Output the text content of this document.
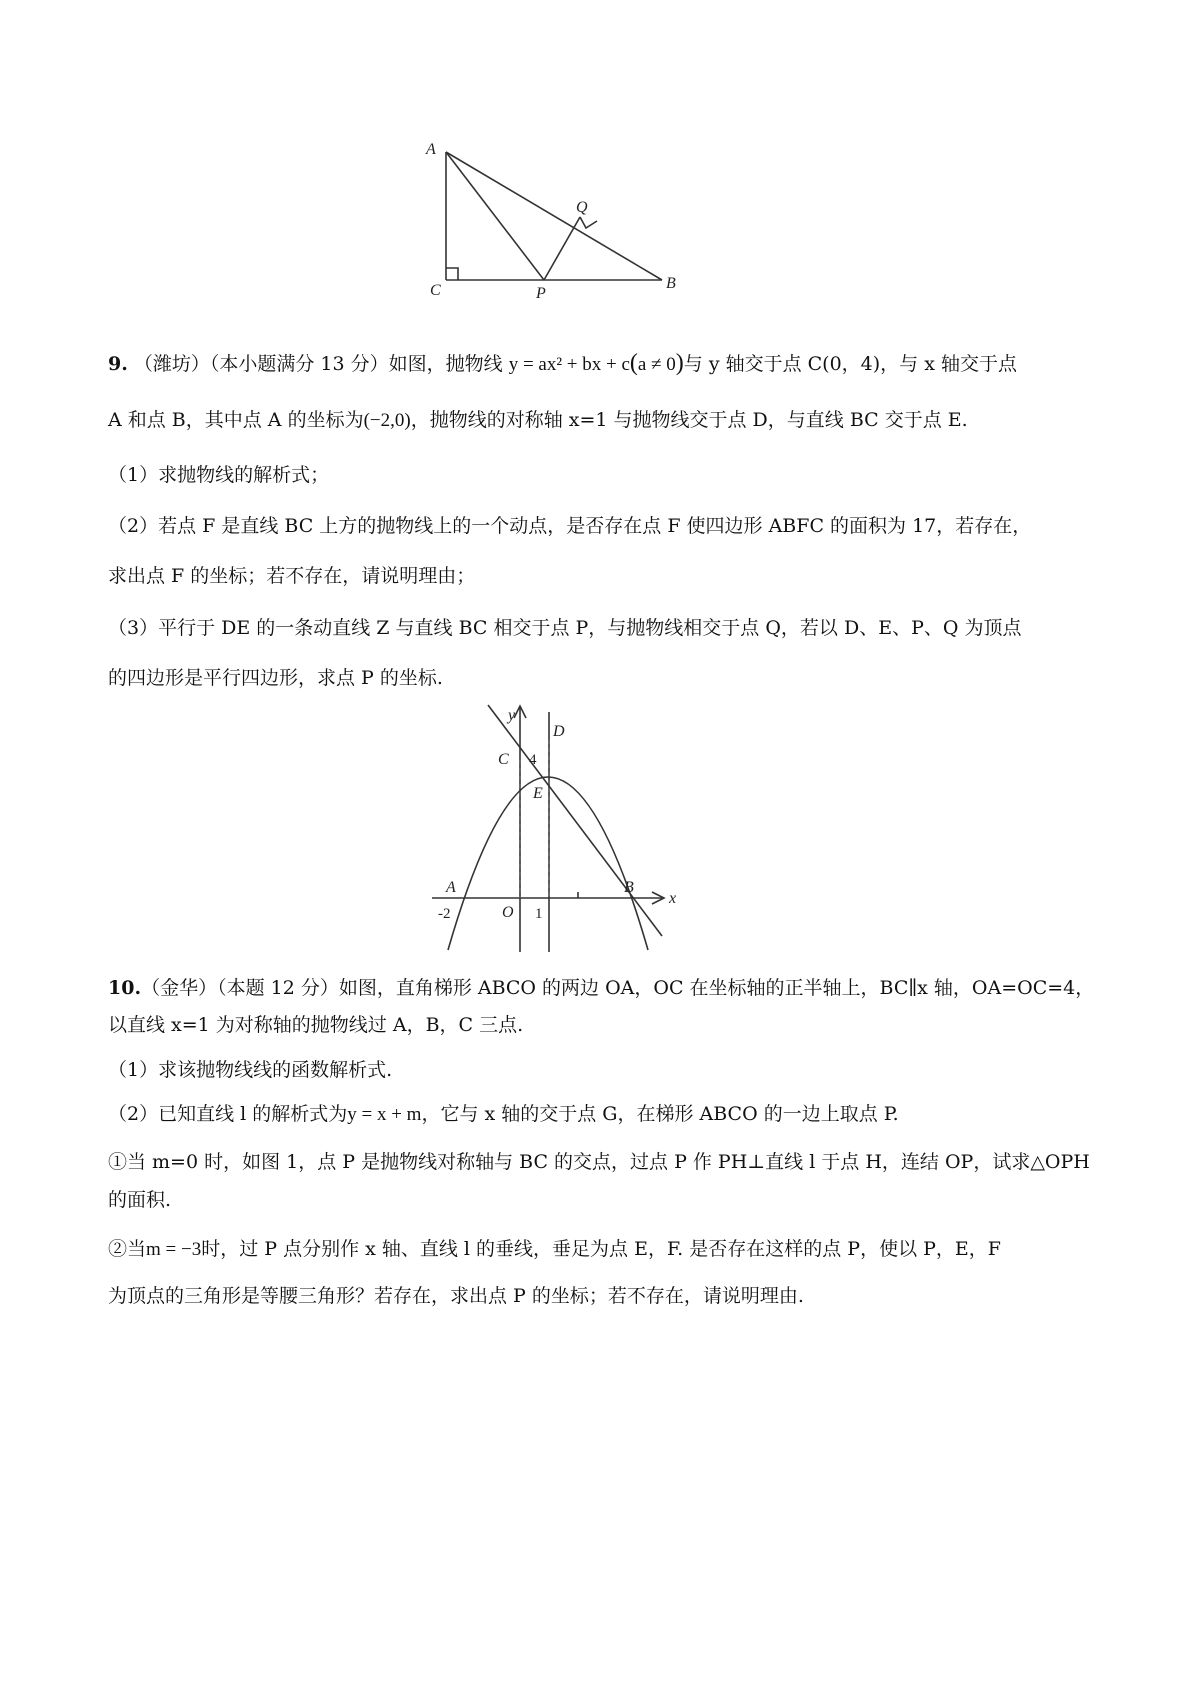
A
C	P
Q
B
9. （潍坊）（本小题满分 13 分）如图，抛物线 y = ax² + bx + c(a ≠ 0)与 y 轴交于点 C(0，4)，与 x 轴交于点
A 和点 B，其中点 A 的坐标为(−2,0)，抛物线的对称轴 x=1 与抛物线交于点 D，与直线 BC 交于点 E.
（1）求抛物线的解析式；
（2）若点 F 是直线 BC 上方的抛物线上的一个动点，是否存在点 F 使四边形 ABFC 的面积为 17，若存在，
求出点 F 的坐标；若不存在，请说明理由；
（3）平行于 DE 的一条动直线 Z 与直线 BC 相交于点 P，与抛物线相交于点 Q，若以 D、E、P、Q 为顶点
的四边形是平行四边形，求点 P 的坐标.
y
x
D
C 4
E
A	B
-2	O 1
10.（金华）（本题 12 分）如图，直角梯形 ABCO 的两边 OA，OC 在坐标轴的正半轴上，BC∥x 轴，OA=OC=4，
以直线 x=1 为对称轴的抛物线过 A，B，C 三点.
（1）求该抛物线线的函数解析式.
（2）已知直线 l 的解析式为y = x + m，它与 x 轴的交于点 G，在梯形 ABCO 的一边上取点 P.
①当 m=0 时，如图 1，点 P 是抛物线对称轴与 BC 的交点，过点 P 作 PH⊥直线 l 于点 H，连结 OP，试求△OPH
的面积.
②当m = −3时，过 P 点分别作 x 轴、直线 l 的垂线，垂足为点 E，F. 是否存在这样的点 P，使以 P，E，F
为顶点的三角形是等腰三角形？若存在，求出点 P 的坐标；若不存在，请说明理由.
